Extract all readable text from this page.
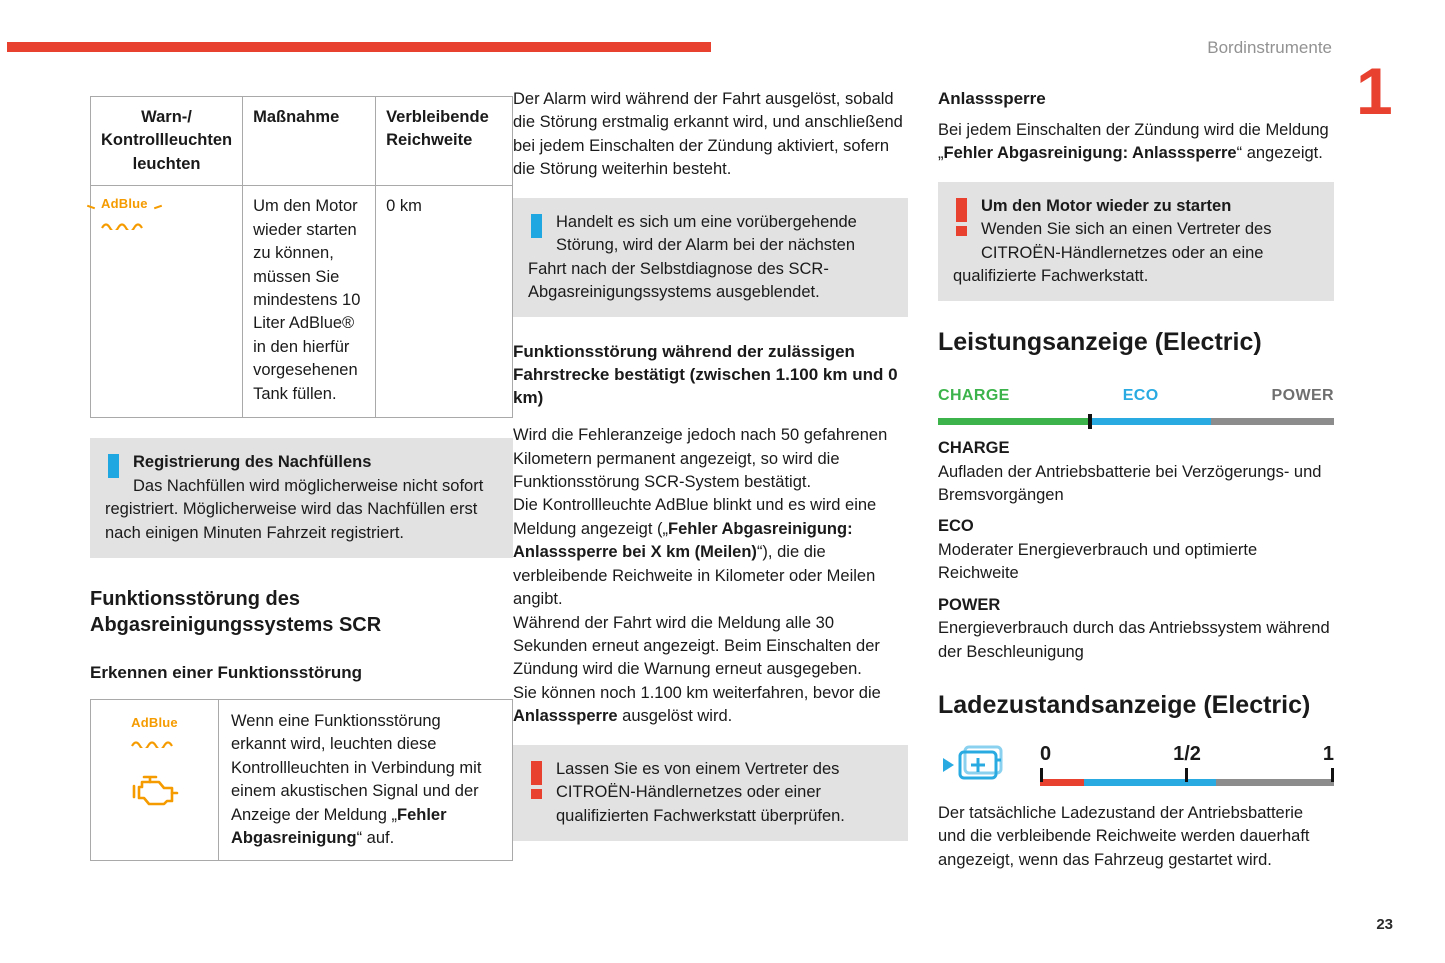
Bordinstrumente
1
23
Warn-/ Kontrollleuchten leuchten	Maßnahme	Verbleibende Reichweite

AdBlue	Um den Motor wieder starten zu können, müssen Sie mindestens 10 Liter AdBlue® in den hierfür vorgesehenen Tank füllen.	0 km
Registrierung des Nachfüllens
Das Nachfüllen wird möglicherweise nicht sofort registriert. Möglicherweise wird das Nachfüllen erst nach einigen Minuten Fahrzeit registriert.
Funktionsstörung des Abgasreinigungssystems SCR
Erkennen einer Funktionsstörung
AdBlue	Wenn eine Funktionsstörung erkannt wird, leuchten diese Kontrollleuchten in Verbindung mit einem akustischen Signal und der Anzeige der Meldung „Fehler Abgasreinigung“ auf.

Der Alarm wird während der Fahrt ausgelöst, sobald die Störung erstmalig erkannt wird, und anschließend bei jedem Einschalten der Zündung aktiviert, sofern die Störung weiterhin besteht.

Handelt es sich um eine vorübergehende Störung, wird der Alarm bei der nächsten Fahrt nach der Selbstdiagnose des SCR-Abgasreinigungssystems ausgeblendet.
Funktionsstörung während der zulässigen Fahrstrecke bestätigt (zwischen 1.100 km und 0 km)

Wird die Fehleranzeige jedoch nach 50 gefahrenen Kilometern permanent angezeigt, so wird die Funktionsstörung SCR-System bestätigt.

Die Kontrollleuchte AdBlue blinkt und es wird eine Meldung angezeigt („Fehler Abgasreinigung: Anlasssperre bei X km (Meilen)“), die die verbleibende Reichweite in Kilometer oder Meilen angibt.

Während der Fahrt wird die Meldung alle 30 Sekunden erneut angezeigt. Beim Einschalten der Zündung wird die Warnung erneut ausgegeben.

Sie können noch 1.100 km weiterfahren, bevor die Anlasssperre ausgelöst wird.

Lassen Sie es von einem Vertreter des CITROËN-Händlernetzes oder einer qualifizierten Fachwerkstatt überprüfen.
Anlasssperre

Bei jedem Einschalten der Zündung wird die Meldung „Fehler Abgasreinigung: Anlasssperre“ angezeigt.

Um den Motor wieder zu starten
Wenden Sie sich an einen Vertreter des CITROËN-Händlernetzes oder an eine qualifizierte Fachwerkstatt.
Leistungsanzeige (Electric)
CHARGE	ECO	POWER
CHARGE

Aufladen der Antriebsbatterie bei Verzögerungs- und Bremsvorgängen

ECO

Moderater Energieverbrauch und optimierte Reichweite

POWER

Energieverbrauch durch das Antriebssystem während der Beschleunigung

Ladezustandsanzeige (Electric)
0	1/2	1

Der tatsächliche Ladezustand der Antriebsbatterie und die verbleibende Reichweite werden dauerhaft angezeigt, wenn das Fahrzeug gestartet wird.
